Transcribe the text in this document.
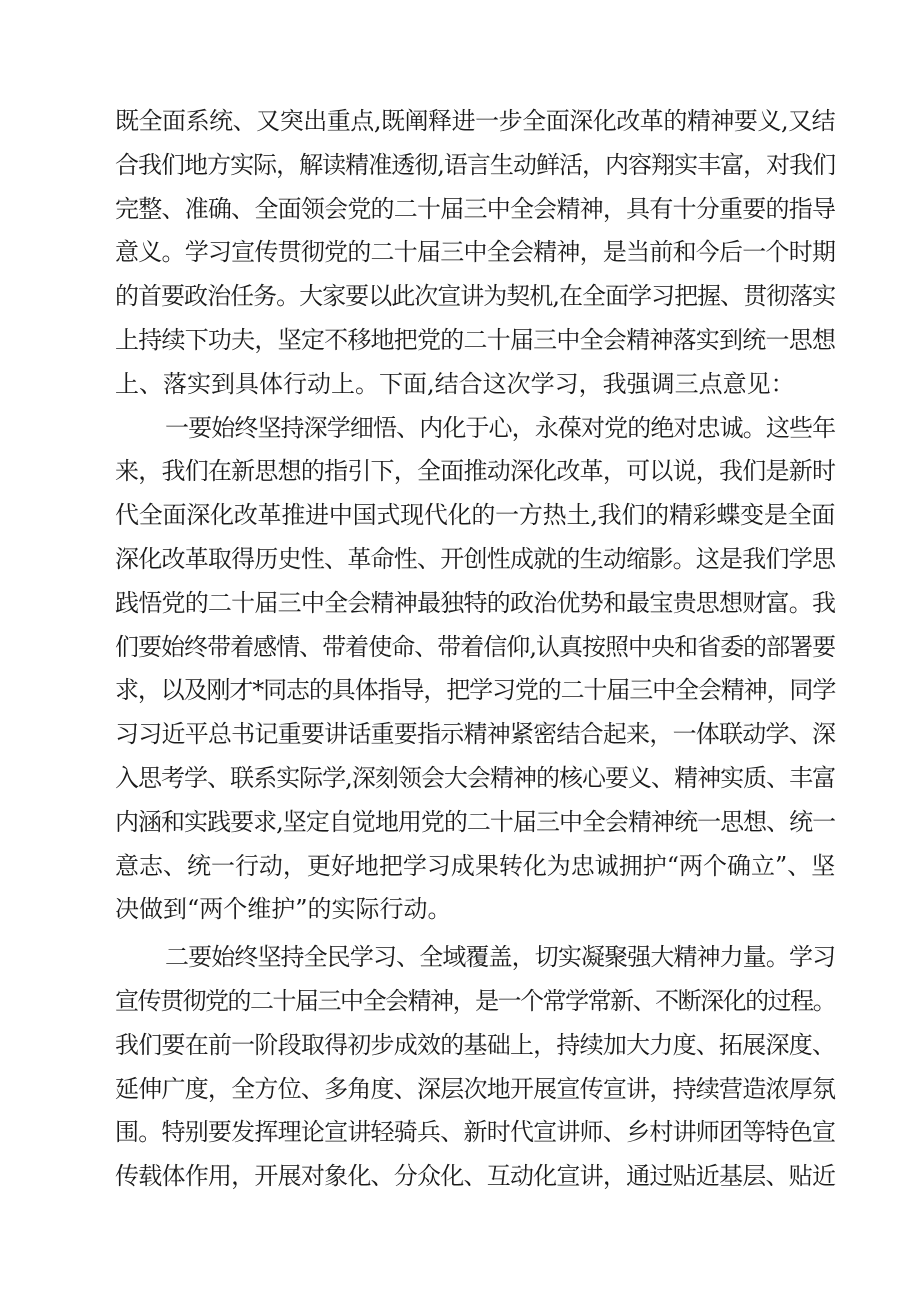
既全面系统、又突出重点,既阐释进一步全面深化改革的精神要义,又结
合我们地方实际，解读精准透彻,语言生动鲜活，内容翔实丰富，对我们
完整、准确、全面领会党的二十届三中全会精神，具有十分重要的指导
意义。学习宣传贯彻党的二十届三中全会精神，是当前和今后一个时期
的首要政治任务。大家要以此次宣讲为契机,在全面学习把握、贯彻落实
上持续下功夫，坚定不移地把党的二十届三中全会精神落实到统一思想
上、落实到具体行动上。下面,结合这次学习，我强调三点意见：
一要始终坚持深学细悟、内化于心，永葆对党的绝对忠诚。这些年
来，我们在新思想的指引下，全面推动深化改革，可以说，我们是新时
代全面深化改革推进中国式现代化的一方热土,我们的精彩蝶变是全面
深化改革取得历史性、革命性、开创性成就的生动缩影。这是我们学思
践悟党的二十届三中全会精神最独特的政治优势和最宝贵思想财富。我
们要始终带着感情、带着使命、带着信仰,认真按照中央和省委的部署要
求，以及刚才*同志的具体指导，把学习党的二十届三中全会精神，同学
习习近平总书记重要讲话重要指示精神紧密结合起来，一体联动学、深
入思考学、联系实际学,深刻领会大会精神的核心要义、精神实质、丰富
内涵和实践要求,坚定自觉地用党的二十届三中全会精神统一思想、统一
意志、统一行动，更好地把学习成果转化为忠诚拥护“两个确立”、坚
决做到“两个维护”的实际行动。
二要始终坚持全民学习、全域覆盖，切实凝聚强大精神力量。学习
宣传贯彻党的二十届三中全会精神，是一个常学常新、不断深化的过程。
我们要在前一阶段取得初步成效的基础上，持续加大力度、拓展深度、
延伸广度，全方位、多角度、深层次地开展宣传宣讲，持续营造浓厚氛
围。特别要发挥理论宣讲轻骑兵、新时代宣讲师、乡村讲师团等特色宣
传载体作用，开展对象化、分众化、互动化宣讲，通过贴近基层、贴近
